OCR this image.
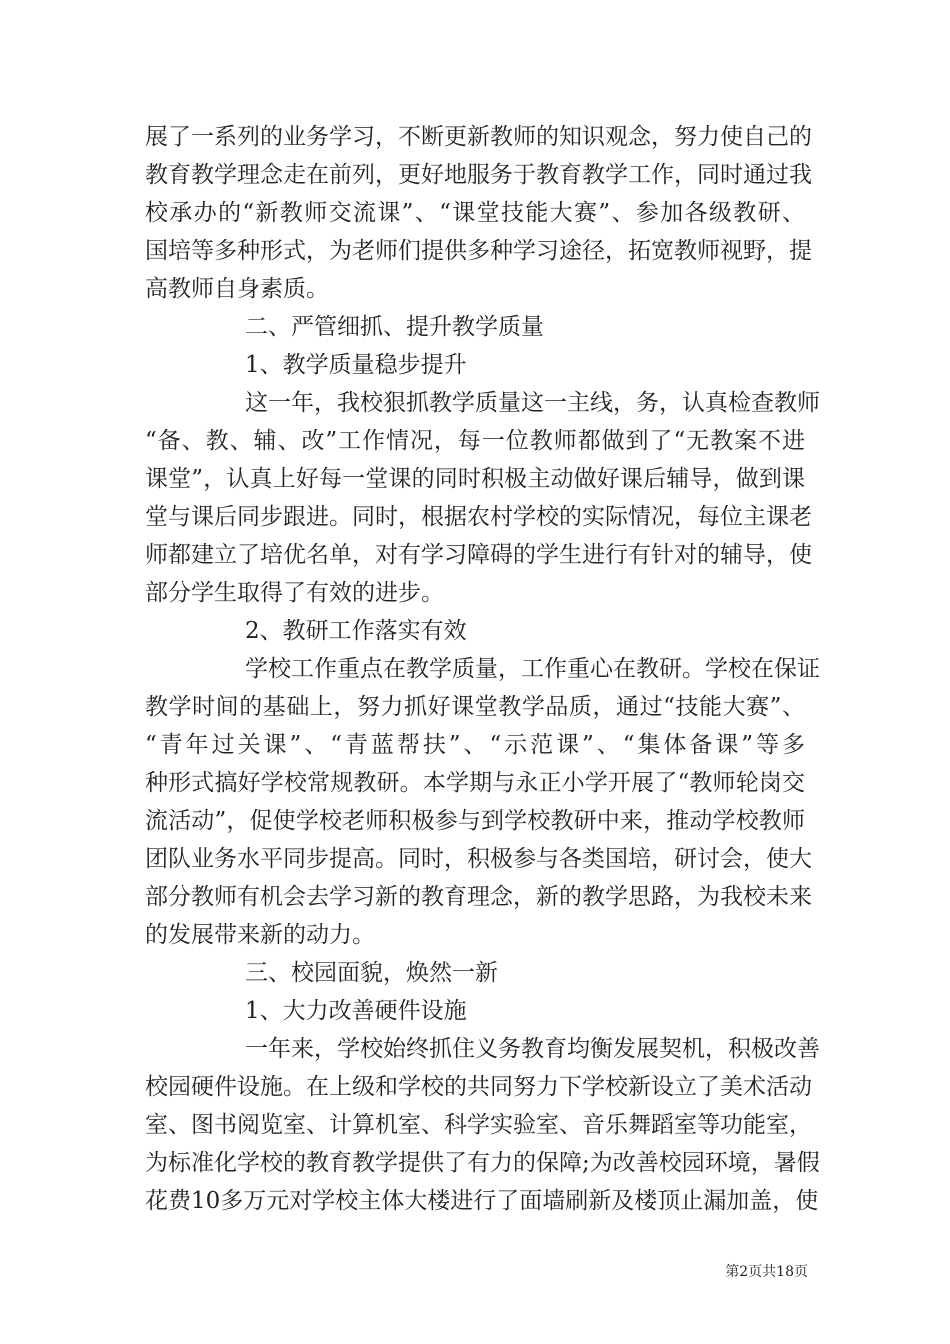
展了一系列的业务学习，不断更新教师的知识观念，努力使自己的
教育教学理念走在前列，更好地服务于教育教学工作，同时通过我
校承办的“新教师交流课”、“课堂技能大赛”、参加各级教研、
国培等多种形式，为老师们提供多种学习途径，拓宽教师视野，提
高教师自身素质。
二、严管细抓、提升教学质量
1、教学质量稳步提升
这一年，我校狠抓教学质量这一主线，务，认真检查教师
“备、教、辅、改”工作情况，每一位教师都做到了“无教案不进
课堂”，认真上好每一堂课的同时积极主动做好课后辅导，做到课
堂与课后同步跟进。同时，根据农村学校的实际情况，每位主课老
师都建立了培优名单，对有学习障碍的学生进行有针对的辅导，使
部分学生取得了有效的进步。
2、教研工作落实有效
学校工作重点在教学质量，工作重心在教研。学校在保证
教学时间的基础上，努力抓好课堂教学品质，通过“技能大赛”、
“青年过关课”、“青蓝帮扶”、“示范课”、“集体备课”等多
种形式搞好学校常规教研。本学期与永正小学开展了“教师轮岗交
流活动”，促使学校老师积极参与到学校教研中来，推动学校教师
团队业务水平同步提高。同时，积极参与各类国培，研讨会，使大
部分教师有机会去学习新的教育理念，新的教学思路，为我校未来
的发展带来新的动力。
三、校园面貌，焕然一新
1、大力改善硬件设施
一年来，学校始终抓住义务教育均衡发展契机，积极改善
校园硬件设施。在上级和学校的共同努力下学校新设立了美术活动
室、图书阅览室、计算机室、科学实验室、音乐舞蹈室等功能室，
为标准化学校的教育教学提供了有力的保障;为改善校园环境，暑假
花费10多万元对学校主体大楼进行了面墙刷新及楼顶止漏加盖，使
第2页共18页
